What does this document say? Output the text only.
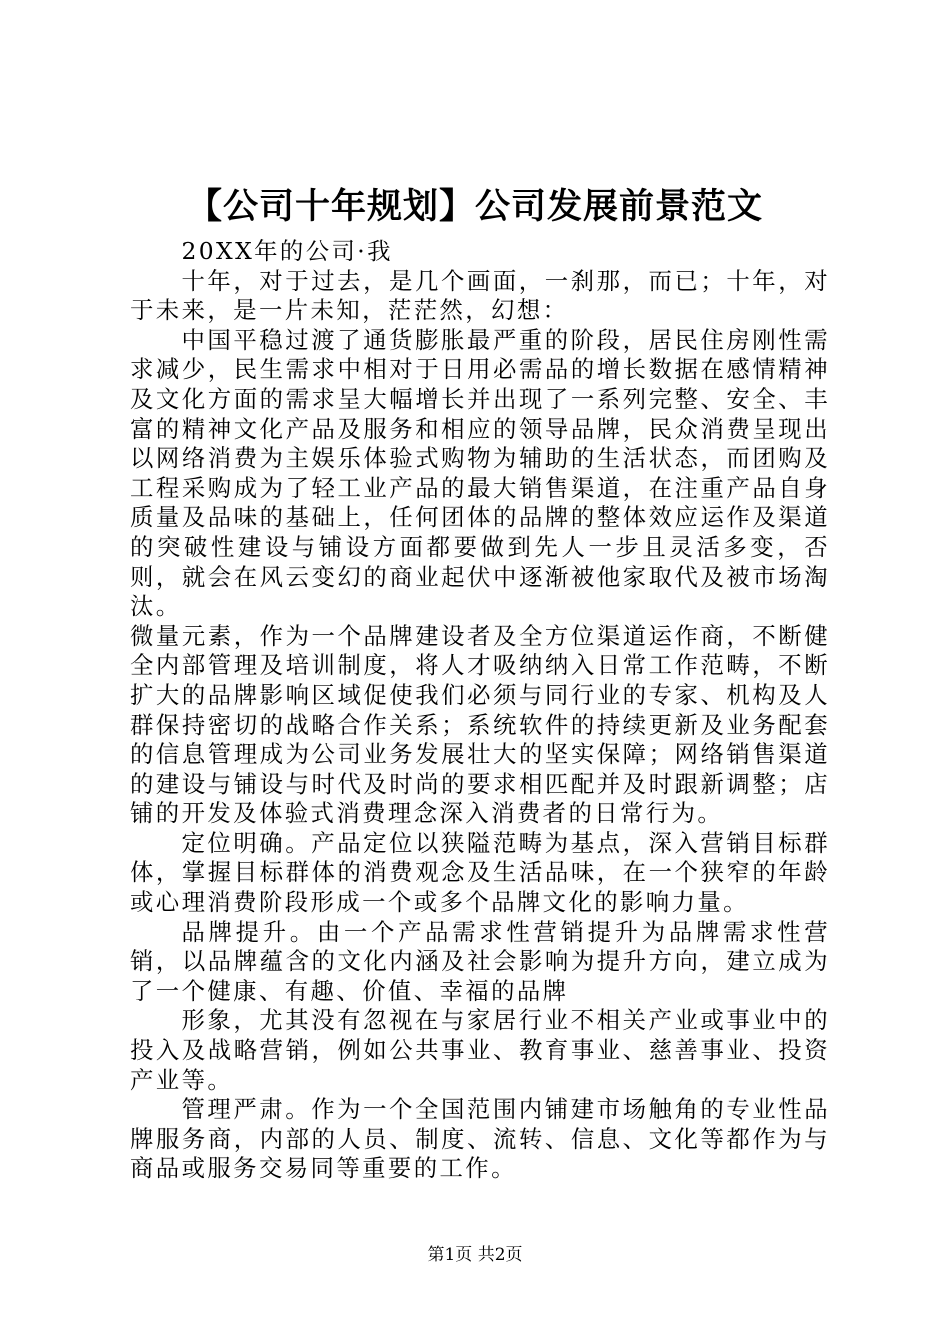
【公司十年规划】公司发展前景范文

20XX年的公司·我

十年，对于过去，是几个画面，一刹那，而已；十年，对于未来，是一片未知，茫茫然，幻想：

中国平稳过渡了通货膨胀最严重的阶段，居民住房刚性需求减少，民生需求中相对于日用必需品的增长数据在感情精神及文化方面的需求呈大幅增长并出现了一系列完整、安全、丰富的精神文化产品及服务和相应的领导品牌，民众消费呈现出以网络消费为主娱乐体验式购物为辅助的生活状态，而团购及工程采购成为了轻工业产品的最大销售渠道，在注重产品自身质量及品味的基础上，任何团体的品牌的整体效应运作及渠道的突破性建设与铺设方面都要做到先人一步且灵活多变，否则，就会在风云变幻的商业起伏中逐渐被他家取代及被市场淘汰。

微量元素，作为一个品牌建设者及全方位渠道运作商，不断健全内部管理及培训制度，将人才吸纳纳入日常工作范畴，不断扩大的品牌影响区域促使我们必须与同行业的专家、机构及人群保持密切的战略合作关系；系统软件的持续更新及业务配套的信息管理成为公司业务发展壮大的坚实保障；网络销售渠道的建设与铺设与时代及时尚的要求相匹配并及时跟新调整；店铺的开发及体验式消费理念深入消费者的日常行为。

定位明确。产品定位以狭隘范畴为基点，深入营销目标群体，掌握目标群体的消费观念及生活品味，在一个狭窄的年龄或心理消费阶段形成一个或多个品牌文化的影响力量。

品牌提升。由一个产品需求性营销提升为品牌需求性营销，以品牌蕴含的文化内涵及社会影响为提升方向，建立成为了一个健康、有趣、价值、幸福的品牌

形象，尤其没有忽视在与家居行业不相关产业或事业中的投入及战略营销，例如公共事业、教育事业、慈善事业、投资产业等。

管理严肃。作为一个全国范围内铺建市场触角的专业性品牌服务商，内部的人员、制度、流转、信息、文化等都作为与商品或服务交易同等重要的工作。

第1页 共2页
